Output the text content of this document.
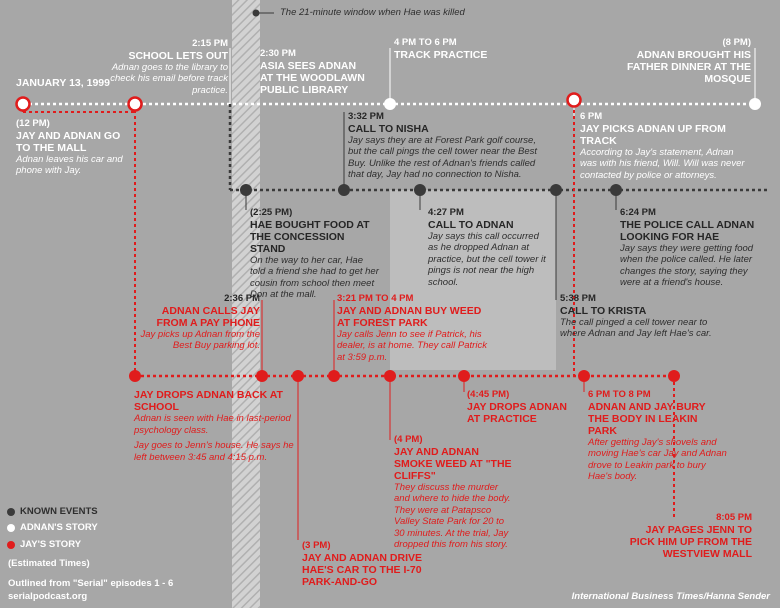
The 21-minute window when Hae was killed
JANUARY 13, 1999
(12 PM)
JAY AND ADNAN GO TO THE MALL
Adnan leaves his car and phone with Jay.
2:15 PM
SCHOOL LETS OUT
Adnan goes to the library to check his email before track practice.
2:30 PM
ASIA SEES ADNAN AT THE WOODLAWN PUBLIC LIBRARY
4 PM TO 6 PM
TRACK PRACTICE
(8 PM)
ADNAN BROUGHT HIS FATHER DINNER AT THE MOSQUE
3:32 PM
CALL TO NISHA
Jay says they are at Forest Park golf course, but the call pings the cell tower near the Best Buy. Unlike the rest of Adnan's friends called that day, Jay had no connection to Nisha.
6 PM
JAY PICKS ADNAN UP FROM TRACK
According to Jay's statement, Adnan was with his friend, Will. Will was never contacted by police or attorneys.
(2:25 PM)
HAE BOUGHT FOOD AT THE CONCESSION STAND
On the way to her car, Hae told a friend she had to get her cousin from school then meet Don at the mall.
4:27 PM
CALL TO ADNAN
Jay says this call occurred as he dropped Adnan at practice, but the cell tower it pings is not near the high school.
6:24 PM
THE POLICE CALL ADNAN LOOKING FOR HAE
Jay says they were getting food when the police called. He later changes the story, saying they were at a friend's house.
2:36 PM
ADNAN CALLS JAY FROM A PAY PHONE
Jay picks up Adnan from the Best Buy parking lot.
3:21 PM TO 4 PM
JAY AND ADNAN BUY WEED AT FOREST PARK
Jay calls Jenn to see if Patrick, his dealer, is at home. They call Patrick at 3:59 p.m.
5:38 PM
CALL TO KRISTA
The call pinged a cell tower near to where Adnan and Jay left Hae's car.
JAY DROPS ADNAN BACK AT SCHOOL
Adnan is seen with Hae in last-period psychology class.
Jay goes to Jenn's house. He says he left between 3:45 and 4:15 p.m.
(4:45 PM)
JAY DROPS ADNAN AT PRACTICE
6 PM TO 8 PM
ADNAN AND JAY BURY THE BODY IN LEAKIN PARK
After getting Jay's shovels and moving Hae's car Jay and Adnan drove to Leakin park to bury Hae's body.
(4 PM)
JAY AND ADNAN SMOKE WEED AT "THE CLIFFS"
They discuss the murder and where to hide the body. They were at Patapsco Valley State Park for 20 to 30 minutes. At the trial, Jay dropped this from his story.
(3 PM)
JAY AND ADNAN DRIVE HAE'S CAR TO THE I-70 PARK-AND-GO
8:05 PM
JAY PAGES JENN TO PICK HIM UP FROM THE WESTVIEW MALL
KNOWN EVENTS
ADNAN'S STORY
JAY'S STORY
(Estimated Times)
Outlined from "Serial" episodes 1 - 6
serialpodcast.org	International Business Times/Hanna Sender
